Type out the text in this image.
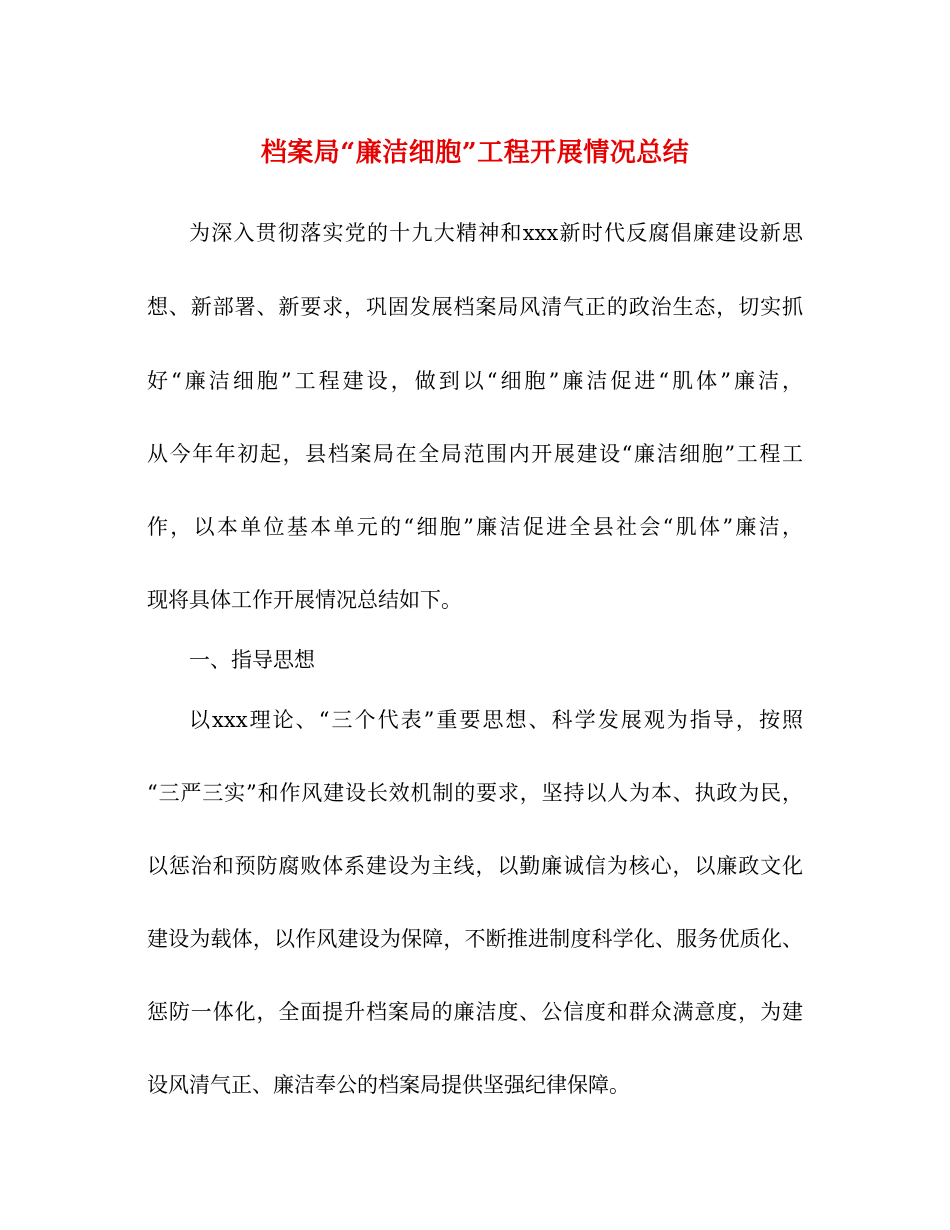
档案局“廉洁细胞”工程开展情况总结
为深入贯彻落实党的十九大精神和xxx新时代反腐倡廉建设新思
想、新部署、新要求，巩固发展档案局风清气正的政治生态，切实抓
好“廉洁细胞”工程建设，做到以“细胞”廉洁促进“肌体”廉洁，
从今年年初起，县档案局在全局范围内开展建设“廉洁细胞”工程工
作，以本单位基本单元的“细胞”廉洁促进全县社会“肌体”廉洁，
现将具体工作开展情况总结如下。
一、指导思想
以xxx理论、“三个代表”重要思想、科学发展观为指导，按照
“三严三实”和作风建设长效机制的要求，坚持以人为本、执政为民，
以惩治和预防腐败体系建设为主线，以勤廉诚信为核心，以廉政文化
建设为载体，以作风建设为保障，不断推进制度科学化、服务优质化、
惩防一体化，全面提升档案局的廉洁度、公信度和群众满意度，为建
设风清气正、廉洁奉公的档案局提供坚强纪律保障。
